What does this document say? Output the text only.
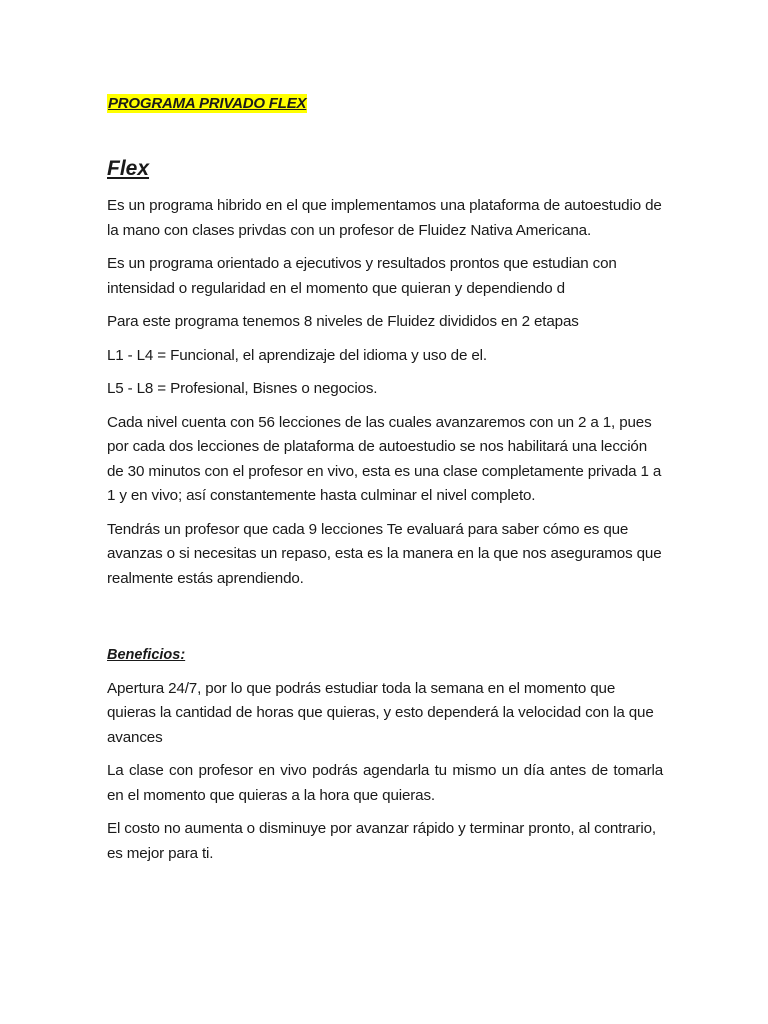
PROGRAMA PRIVADO FLEX
Flex

Es un programa hibrido en el que implementamos una plataforma de autoestudio de la mano con clases privdas con un profesor de Fluidez Nativa Americana.

Es un programa orientado a ejecutivos y resultados prontos que estudian con intensidad o regularidad en el momento que quieran y dependiendo d

Para este programa tenemos 8 niveles de Fluidez divididos en 2 etapas

L1 - L4 = Funcional, el aprendizaje del idioma y uso de el.

L5 - L8 = Profesional, Bisnes o negocios.

Cada nivel cuenta con 56 lecciones de las cuales avanzaremos con un 2 a 1, pues por cada dos lecciones de plataforma de autoestudio se nos habilitará una lección de 30 minutos con el profesor en vivo, esta es una clase completamente privada 1 a 1 y en vivo; así constantemente hasta culminar el nivel completo.

Tendrás un profesor que cada 9 lecciones Te evaluará para saber cómo es que avanzas o si necesitas un repaso, esta es la manera en la que nos aseguramos que realmente estás aprendiendo.

Beneficios:

Apertura 24/7, por lo que podrás estudiar toda la semana en el momento que quieras la cantidad de horas que quieras, y esto dependerá la velocidad con la que avances

La clase con profesor en vivo podrás agendarla tu mismo un día antes de tomarla en el momento que quieras a la hora que quieras.

El costo no aumenta o disminuye por avanzar rápido y terminar pronto, al contrario, es mejor para ti.
